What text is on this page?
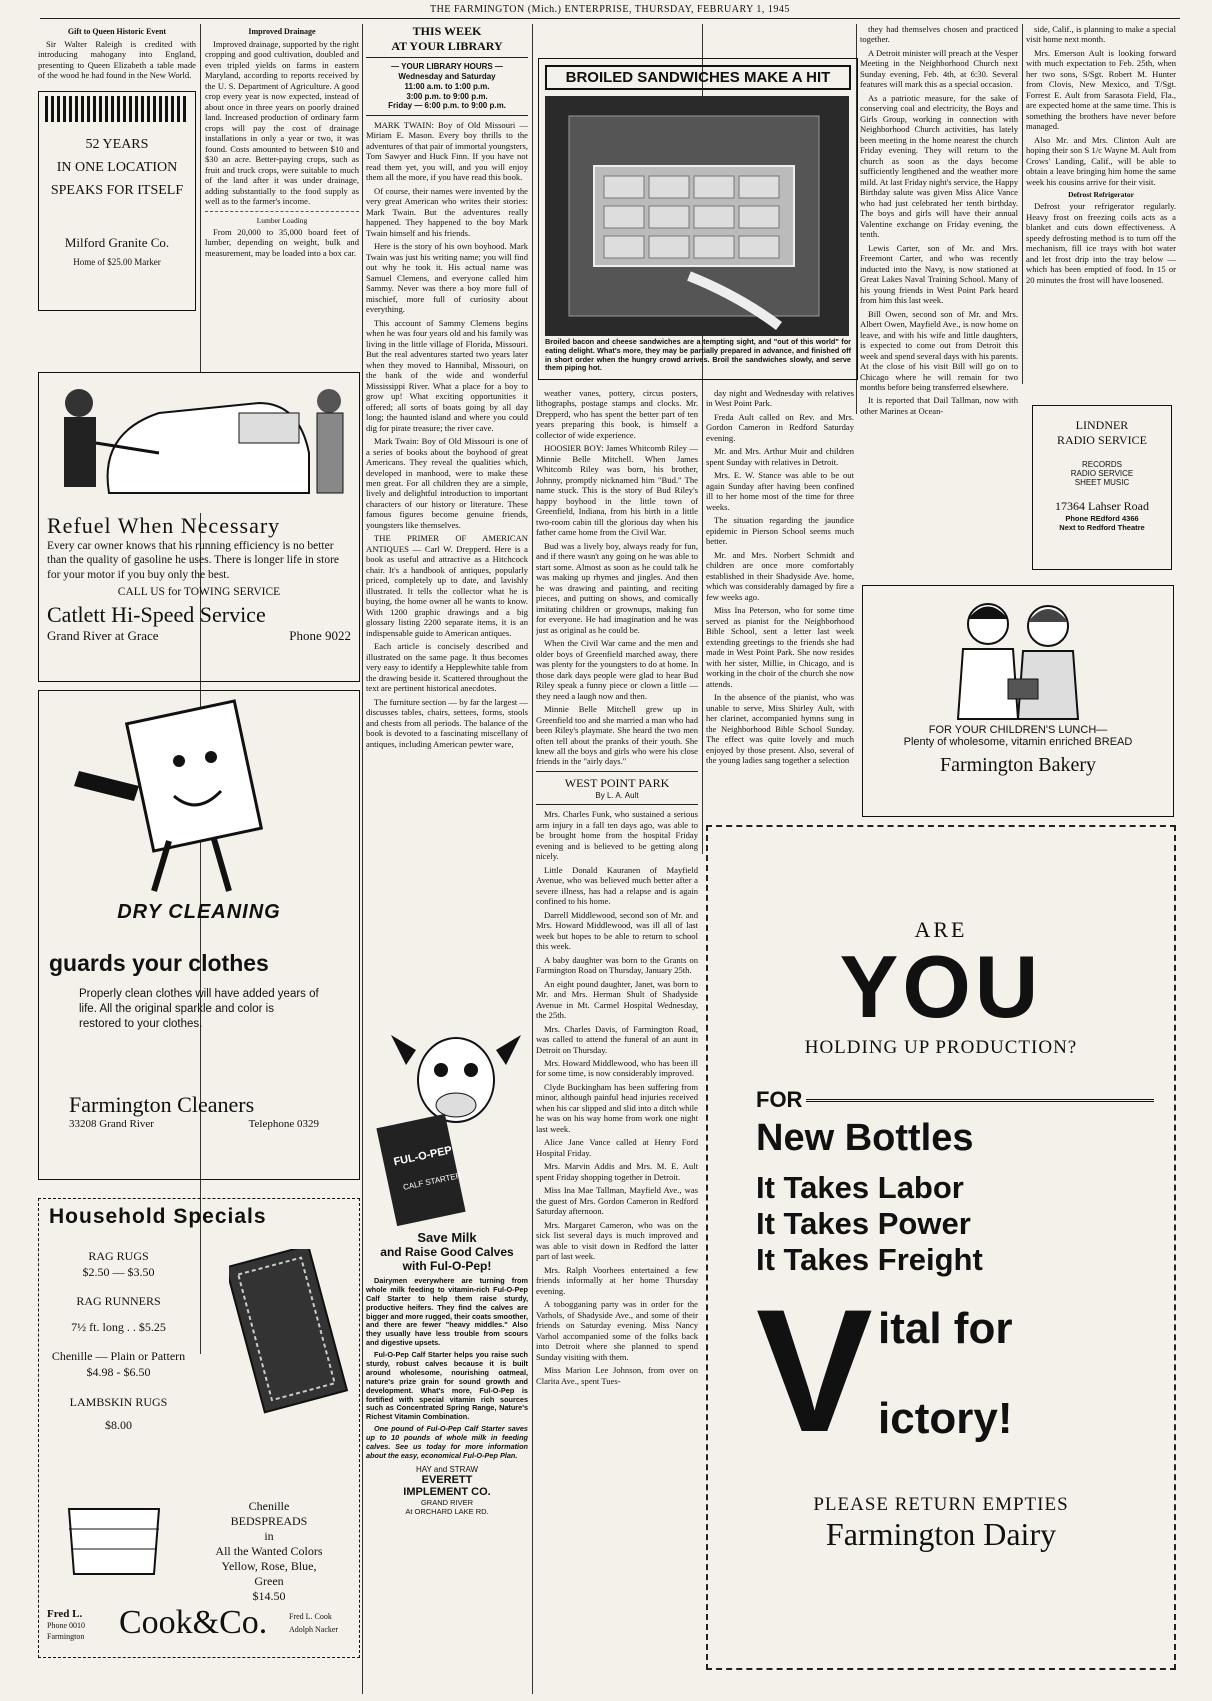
THE FARMINGTON (Mich.) ENTERPRISE, THURSDAY, FEBRUARY 1, 1945
Gift to Queen Historic Event
Sir Walter Raleigh is credited with introducing mahogany into England, presenting to Queen Elizabeth a table made of the wood he had found in the New World.
52 YEARS
IN ONE LOCATION
SPEAKS FOR ITSELF
Milford Granite Co.
Home of $25.00 Marker
Refuel When Necessary
Every car owner knows that his running efficiency is no better than the quality of gasoline he uses. There is longer life in store for your motor if you buy only the best.
CALL US for TOWING SERVICE
Catlett Hi-Speed Service
Grand River at Grace	Phone 9022
DRY CLEANING
guards your clothes
Properly clean clothes will have added years of life. All the original sparkle and color is restored to your clothes.
Farmington Cleaners
33208 Grand River	Telephone 0329
Household Specials
RAG RUGS
$2.50 — $3.50
RAG RUNNERS
7½ ft. long . . $5.25
Chenille — Plain or Pattern $4.98 - $6.50
LAMBSKIN RUGS
$8.00
Chenille
BEDSPREADS
in
All the Wanted Colors
Yellow, Rose, Blue,
Green
$14.50
Fred L.
Phone 0010
Farmington Cook&Co.	Fred L. Cook
Adolph Nacker
Improved Drainage
Improved drainage, supported by the right cropping and good cultivation, doubled and even tripled yields on farms in eastern Maryland, according to reports received by the U. S. Department of Agriculture. A good crop every year is now expected, instead of about once in three years on poorly drained land. Increased production of ordinary farm crops will pay the cost of drainage installations in only a year or two, it was found. Costs amounted to between $10 and $30 an acre. Better-paying crops, such as fruit and truck crops, were suitable to much of the land after it was under drainage, adding substantially to the food supply as well as to the farmer's income.
Lumber Loading
From 20,000 to 35,000 board feet of lumber, depending on weight, bulk and measurement, may be loaded into a box car.
THIS WEEK
AT YOUR LIBRARY
— YOUR LIBRARY HOURS —
Wednesday and Saturday
11:00 a.m. to 1:00 p.m.
3:00 p.m. to 9:00 p.m.
Friday — 6:00 p.m. to 9:00 p.m.
MARK TWAIN: Boy of Old Missouri — Miriam E. Mason. Every boy thrills to the adventures of that pair of immortal youngsters, Tom Sawyer and Huck Finn. If you have not read them yet, you will, and you will enjoy them all the more, if you have read this book.
Of course, their names were invented by the very great American who writes their stories: Mark Twain. But the adventures really happened. They happened to the boy Mark Twain himself and his friends.
Here is the story of his own boyhood. Mark Twain was just his writing name; you will find out why he took it. His actual name was Samuel Clemens, and everyone called him Sammy. Never was there a boy more full of mischief, more full of curiosity about everything.
This account of Sammy Clemens begins when he was four years old and his family was living in the little village of Florida, Missouri. But the real adventures started two years later when they moved to Hannibal, Missouri, on the bank of the wide and wonderful Mississippi River. What a place for a boy to grow up! What exciting opportunities it offered; all sorts of boats going by all day long; the haunted island and where you could dig for pirate treasure; the river cave.
Mark Twain: Boy of Old Missouri is one of a series of books about the boyhood of great Americans. They reveal the qualities which, developed in manhood, were to make these men great. For all children they are a simple, lively and delightful introduction to important characters of our history or literature. These famous figures become genuine friends, youngsters like themselves.
THE PRIMER OF AMERICAN ANTIQUES — Carl W. Drepperd. Here is a book as useful and attractive as a Hitchcock chair. It's a handbook of antiques, popularly priced, completely up to date, and lavishly illustrated. It tells the collector what he is buying, the home owner all he wants to know. With 1200 graphic drawings and a big glossary listing 2200 separate items, it is an indispensable guide to American antiques.
Each article is concisely described and illustrated on the same page. It thus becomes very easy to identify a Hepplewhite table from the drawing beside it. Scattered throughout the text are pertinent historical anecdotes.
The furniture section — by far the largest — discusses tables, chairs, settees, forms, stools and chests from all periods. The balance of the book is devoted to a fascinating miscellany of antiques, including American pewter ware,
FUL-O-PEP
CALF STARTER
Save Milk
and Raise Good Calves
with Ful-O-Pep!
Dairymen everywhere are turning from whole milk feeding to vitamin-rich Ful-O-Pep Calf Starter to help them raise sturdy, productive heifers. They find the calves are bigger and more rugged, their coats smoother, and there are fewer "heavy middles." Also they usually have less trouble from scours and digestive upsets.
Ful-O-Pep Calf Starter helps you raise such sturdy, robust calves because it is built around wholesome, nourishing oatmeal, nature's prize grain for sound growth and development. What's more, Ful-O-Pep is fortified with special vitamin rich sources such as Concentrated Spring Range, Nature's Richest Vitamin Combination.
One pound of Ful-O-Pep Calf Starter saves up to 10 pounds of whole milk in feeding calves. See us today for more information about the easy, economical Ful-O-Pep Plan.
HAY and STRAW
EVERETT
IMPLEMENT CO.
GRAND RIVER
At ORCHARD LAKE RD.
BROILED SANDWICHES MAKE A HIT
Broiled bacon and cheese sandwiches are a tempting sight, and "out of this world" for eating delight. What's more, they may be partially prepared in advance, and finished off in short order when the hungry crowd arrives. Broil the sandwiches slowly, and serve them piping hot.
weather vanes, pottery, circus posters, lithographs, postage stamps and clocks. Mr. Drepperd, who has spent the better part of ten years preparing this book, is himself a collector of wide experience.
HOOSIER BOY: James Whitcomb Riley — Minnie Belle Mitchell. When James Whitcomb Riley was born, his brother, Johnny, promptly nicknamed him "Bud." The name stuck. This is the story of Bud Riley's happy boyhood in the little town of Greenfield, Indiana, from his birth in a little two-room cabin till the glorious day when his father came home from the Civil War.
Bud was a lively boy, always ready for fun, and if there wasn't any going on he was able to start some. Almost as soon as he could talk he was making up rhymes and jingles. And then he was drawing and painting, and reciting pieces, and putting on shows, and comically imitating children or grownups, making fun for everyone. He had imagination and he was just as original as he could be.
When the Civil War came and the men and older boys of Greenfield marched away, there was plenty for the youngsters to do at home. In those dark days people were glad to hear Bud Riley speak a funny piece or clown a little — they need a laugh now and then.
Minnie Belle Mitchell grew up in Greenfield too and she married a man who had been Riley's playmate. She heard the two men often tell about the pranks of their youth. She knew all the boys and girls who were his close friends in the "airly days."
WEST POINT PARK
By L. A. Ault
Mrs. Charles Funk, who sustained a serious arm injury in a fall ten days ago, was able to be brought home from the hospital Friday evening and is believed to be getting along nicely.
Little Donald Kauranen of Mayfield Avenue, who was believed much better after a severe illness, has had a relapse and is again confined to his home.
Darrell Middlewood, second son of Mr. and Mrs. Howard Middlewood, was ill all of last week but hopes to be able to return to school this week.
A baby daughter was born to the Grants on Farmington Road on Thursday, January 25th.
An eight pound daughter, Janet, was born to Mr. and Mrs. Herman Shult of Shadyside Avenue in Mt. Carmel Hospital Wednesday, the 25th.
Mrs. Charles Davis, of Farmington Road, was called to attend the funeral of an aunt in Detroit on Thursday.
Mrs. Howard Middlewood, who has been ill for some time, is now considerably improved.
Clyde Buckingham has been suffering from minor, although painful head injuries received when his car slipped and slid into a ditch while he was on his way home from work one night last week.
Alice Jane Vance called at Henry Ford Hospital Friday.
Mrs. Marvin Addis and Mrs. M. E. Ault spent Friday shopping together in Detroit.
Miss Ina Mae Tallman, Mayfield Ave., was the guest of Mrs. Gordon Cameron in Redford Saturday afternoon.
Mrs. Margaret Cameron, who was on the sick list several days is much improved and was able to visit down in Redford the latter part of last week.
Mrs. Ralph Voorhees entertained a few friends informally at her home Thursday evening.
A tobogganing party was in order for the Varhols, of Shadyside Ave., and some of their friends on Saturday evening. Miss Nancy Varhol accompanied some of the folks back into Detroit where she planned to spend Sunday visiting with them.
Miss Marion Lee Johnson, from over on Clarita Ave., spent Tues-
day night and Wednesday with relatives in West Point Park.
Freda Ault called on Rev. and Mrs. Gordon Cameron in Redford Saturday evening.
Mr. and Mrs. Arthur Muir and children spent Sunday with relatives in Detroit.
Mrs. E. W. Stance was able to be out again Sunday after having been confined ill to her home most of the time for three weeks.
The situation regarding the jaundice epidemic in Pierson School seems much better.
Mr. and Mrs. Norbert Schmidt and children are once more comfortably established in their Shadyside Ave. home, which was considerably damaged by fire a few weeks ago.
Miss Ina Peterson, who for some time served as pianist for the Neighborhood Bible School, sent a letter last week extending greetings to the friends she had made in West Point Park. She now resides with her sister, Millie, in Chicago, and is working in the choir of the church she now attends.
In the absence of the pianist, who was unable to serve, Miss Shirley Ault, with her clarinet, accompanied hymns sung in the Neighborhood Bible School Sunday. The effect was quite lovely and much enjoyed by those present. Also, several of the young ladies sang together a selection
they had themselves chosen and practiced together.
A Detroit minister will preach at the Vesper Meeting in the Neighborhood Church next Sunday evening, Feb. 4th, at 6:30. Several features will mark this as a special occasion.
As a patriotic measure, for the sake of conserving coal and electricity, the Boys and Girls Group, working in connection with Neighborhood Church activities, has lately been meeting in the home nearest the church Friday evening. They will return to the church as soon as the days become sufficiently lengthened and the weather more mild. At last Friday night's service, the Happy Birthday salute was given Miss Alice Vance who had just celebrated her tenth birthday. The boys and girls will have their annual Valentine exchange on Friday evening, the tenth.
Lewis Carter, son of Mr. and Mrs. Freemont Carter, and who was recently inducted into the Navy, is now stationed at Great Lakes Naval Training School. Many of his young friends in West Point Park heard from him this last week.
Bill Owen, second son of Mr. and Mrs. Albert Owen, Mayfield Ave., is now home on leave, and with his wife and little daughters, is expected to come out from Detroit this week and spend several days with his parents. At the close of his visit Bill will go on to Chicago where he will remain for two months before being transferred elsewhere.
It is reported that Dail Tallman, now with other Marines at Ocean-
side, Calif., is planning to make a special visit home next month.
Mrs. Emerson Ault is looking forward with much expectation to Feb. 25th, when her two sons, S/Sgt. Robert M. Hunter from Clovis, New Mexico, and T/Sgt. Forrest E. Ault from Sarasota Field, Fla., are expected home at the same time. This is something the brothers have never before managed.
Also Mr. and Mrs. Clinton Ault are hoping their son S 1/c Wayne M. Ault from Crows' Landing, Calif., will be able to obtain a leave bringing him home the same week his cousins arrive for their visit.
Defrost Refrigerator
Defrost your refrigerator regularly. Heavy frost on freezing coils acts as a blanket and cuts down effectiveness. A speedy defrosting method is to turn off the mechanism, fill ice trays with hot water and let frost drip into the tray below — which has been emptied of food. In 15 or 20 minutes the frost will have loosened.
LINDNER
RADIO SERVICE
RECORDS
RADIO SERVICE
SHEET MUSIC
17364 Lahser Road
Phone REdford 4366
Next to Redford Theatre
FOR YOUR CHILDREN'S LUNCH—
Plenty of wholesome, vitamin enriched BREAD
Farmington Bakery
ARE
YOU
HOLDING UP PRODUCTION?
FOR
New Bottles
It Takes Labor
It Takes Power
It Takes Freight
V ital for
ictory!
PLEASE RETURN EMPTIES
Farmington Dairy
